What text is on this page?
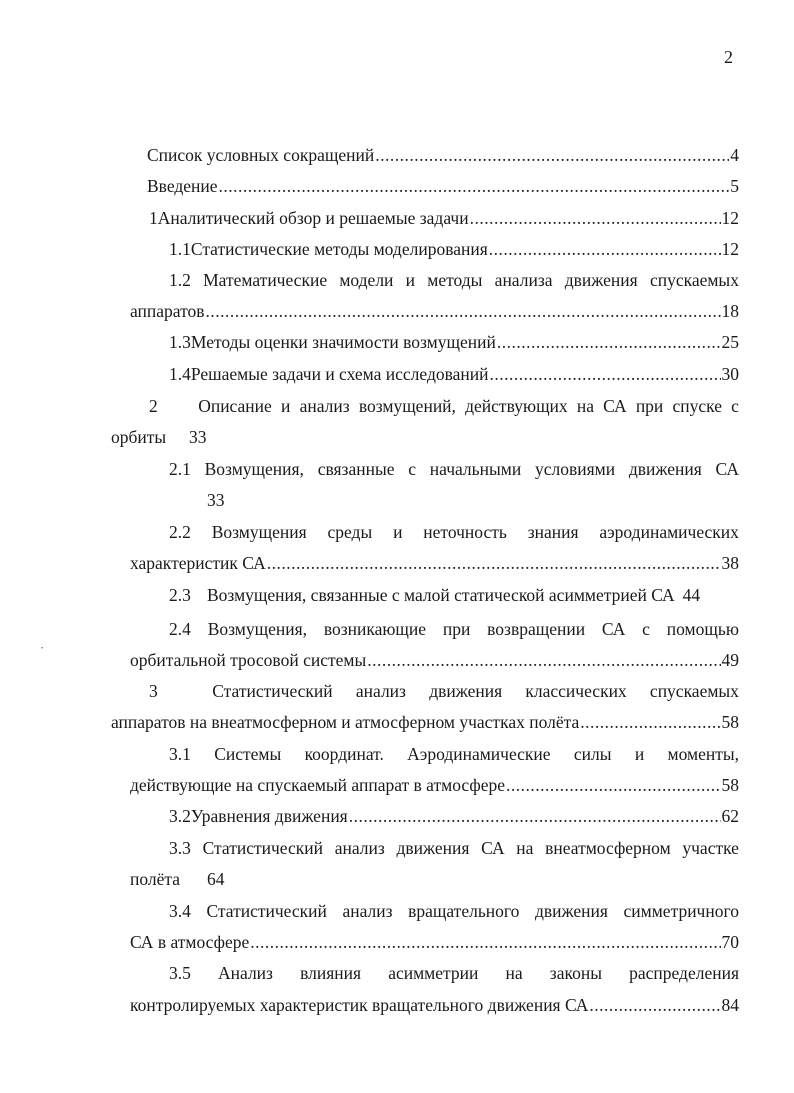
2
Список условных сокращений .....	4
Введение .....	5
1 Аналитический обзор и решаемые задачи .....	12
1.1 Статистические методы моделирования .....	12
1.2 Математические модели и методы анализа движения спускаемых
аппаратов .....	18
1.3 Методы оценки значимости возмущений .....	25
1.4 Решаемые задачи и схема исследований .....	30
2	Описание и анализ возмущений, действующих на СА при спуске с
орбиты	33
2.1 Возмущения, связанные с начальными условиями движения СА
33
2.2 Возмущения среды и неточность знания аэродинамических
характеристик СА .....	38
2.3 Возмущения, связанные с малой статической асимметрией СА 44
2.4 Возмущения, возникающие при возвращении СА с помощью
орбитальной тросовой системы .....	49
3	Статистический анализ движения классических спускаемых
аппаратов на внеатмосферном и атмосферном участках полёта .....	58
3.1 Системы координат. Аэродинамические силы и моменты,
действующие на спускаемый аппарат в атмосфере .....	58
3.2 Уравнения движения .....	62
3.3 Статистический анализ движения СА на внеатмосферном участке
полёта	64
3.4 Статистический анализ вращательного движения симметричного
СА в атмосфере .....	70
3.5 Анализ влияния асимметрии на законы распределения
контролируемых характеристик вращательного движения СА .....	84
•
